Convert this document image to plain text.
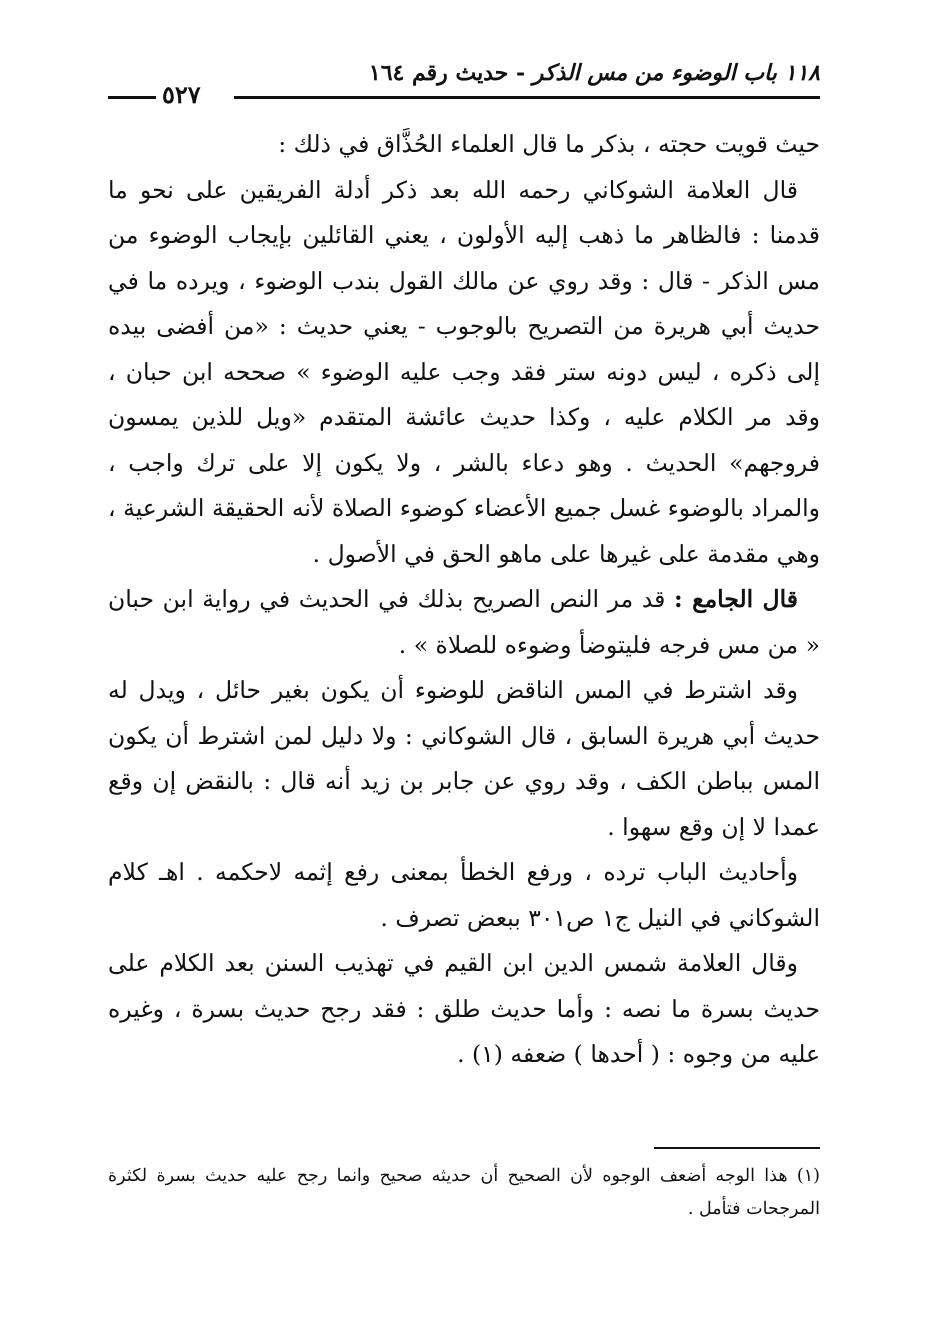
١١٨ باب الوضوء من مس الذكر - حديث رقم ١٦٤
٥٢٧

حيث قويت حجته ، بذكر ما قال العلماء الحُذَّاق في ذلك :

قال العلامة الشوكاني رحمه الله بعد ذكر أدلة الفريقين على نحو ما قدمنا : فالظاهر ما ذهب إليه الأولون ، يعني القائلين بإيجاب الوضوء من مس الذكر - قال : وقد روي عن مالك القول بندب الوضوء ، ويرده ما في حديث أبي هريرة من التصريح بالوجوب - يعني حديث : «من أفضى بيده إلى ذكره ، ليس دونه ستر فقد وجب عليه الوضوء » صححه ابن حبان ، وقد مر الكلام عليه ، وكذا حديث عائشة المتقدم «ويل للذين يمسون فروجهم» الحديث . وهو دعاء بالشر ، ولا يكون إلا على ترك واجب ، والمراد بالوضوء غسل جميع الأعضاء كوضوء الصلاة لأنه الحقيقة الشرعية ، وهي مقدمة على غيرها على ماهو الحق في الأصول .

قال الجامع : قد مر النص الصريح بذلك في الحديث في رواية ابن حبان « من مس فرجه فليتوضأ وضوءه للصلاة » .

وقد اشترط في المس الناقض للوضوء أن يكون بغير حائل ، ويدل له حديث أبي هريرة السابق ، قال الشوكاني : ولا دليل لمن اشترط أن يكون المس بباطن الكف ، وقد روي عن جابر بن زيد أنه قال : بالنقض إن وقع عمدا لا إن وقع سهوا .

وأحاديث الباب ترده ، ورفع الخطأ بمعنى رفع إثمه لاحكمه . اهـ كلام الشوكاني في النيل ج١ ص٣٠١ ببعض تصرف .

وقال العلامة شمس الدين ابن القيم في تهذيب السنن بعد الكلام على حديث بسرة ما نصه : وأما حديث طلق : فقد رجح حديث بسرة ، وغيره عليه من وجوه : ( أحدها ) ضعفه (١) .

(١) هذا الوجه أضعف الوجوه لأن الصحيح أن حديثه صحيح وانما رجح عليه حديث بسرة لكثرة المرجحات فتأمل .
